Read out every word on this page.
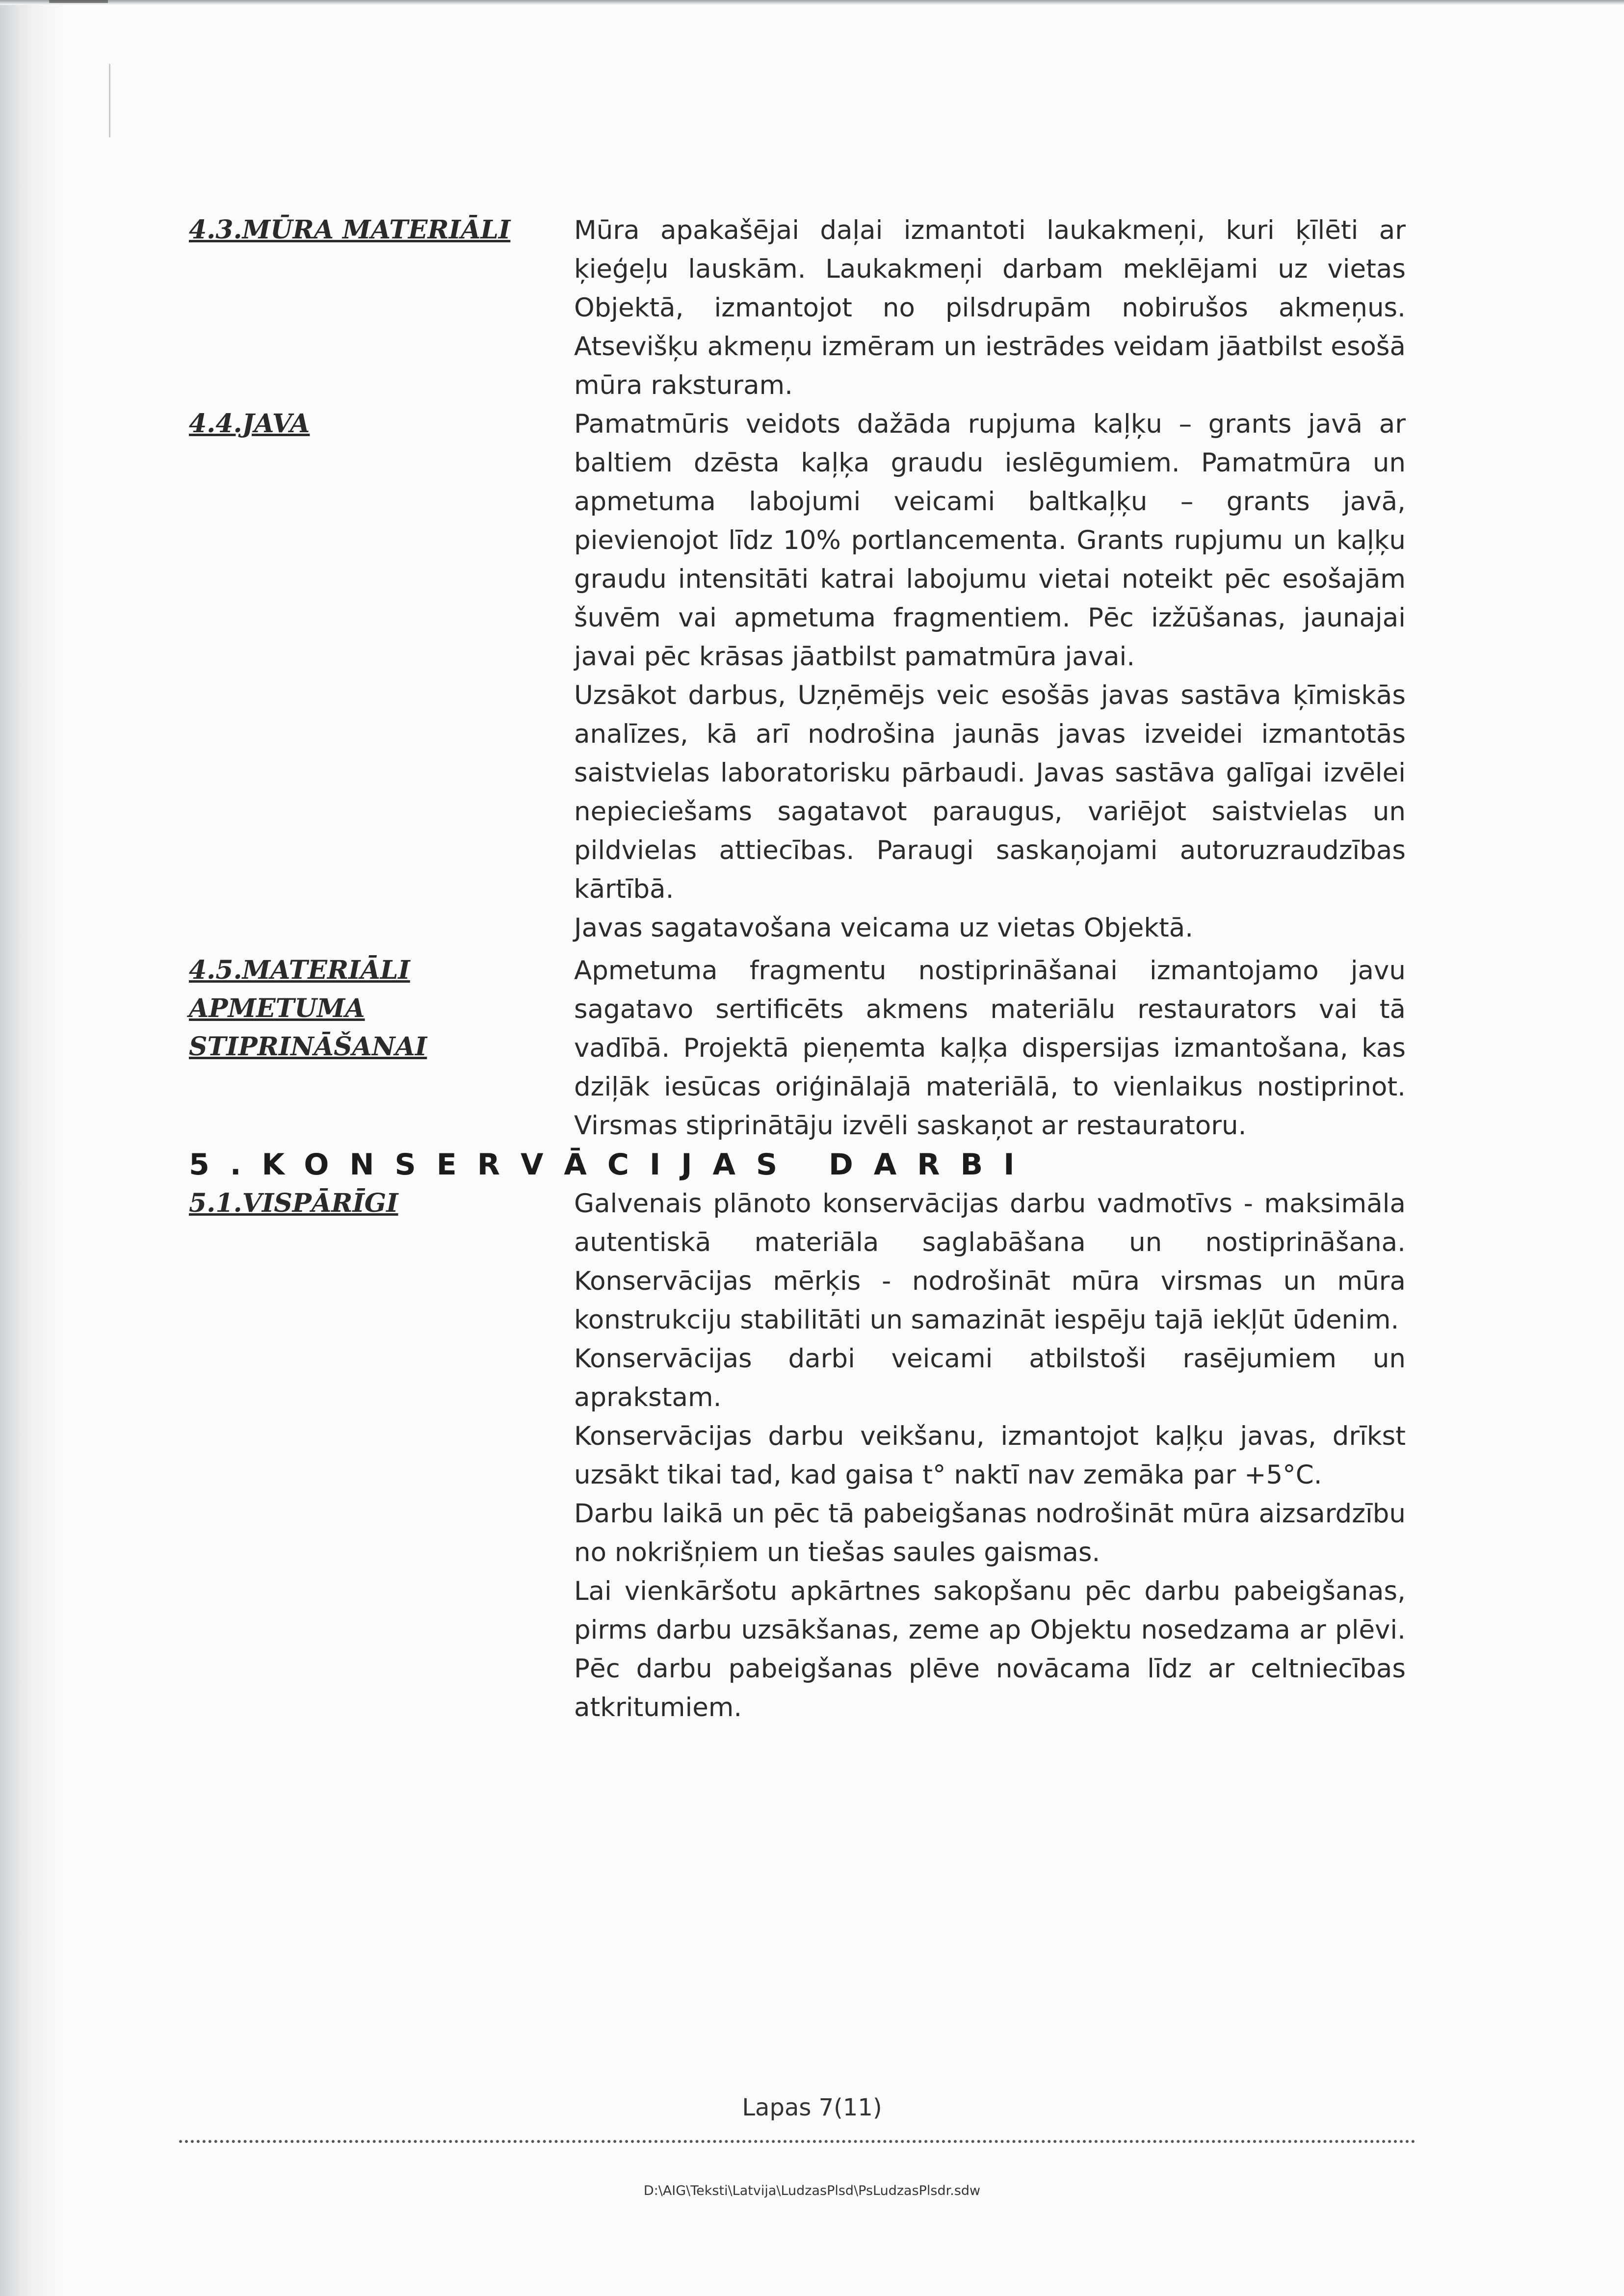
4.3.MŪRA MATERIĀLI	Mūra apakašējai daļai izmantoti laukakmeņi, kuri ķīlēti ar ķieģeļu lauskām. Laukakmeņi darbam meklējami uz vietas Objektā, izmantojot no pilsdrupām nobirušos akmeņus. Atsevišķu akmeņu izmēram un iestrādes veidam jāatbilst esošā mūra raksturam.

4.4.JAVA	Pamatmūris veidots dažāda rupjuma kaļķu – grants javā ar baltiem dzēsta kaļķa graudu ieslēgumiem. Pamatmūra un apmetuma labojumi veicami baltkaļķu – grants javā, pievienojot līdz 10% portlancementa. Grants rupjumu un kaļķu graudu intensitāti katrai labojumu vietai noteikt pēc esošajām šuvēm vai apmetuma fragmentiem. Pēc izžūšanas, jaunajai javai pēc krāsas jāatbilst pamatmūra javai.

Uzsākot darbus, Uzņēmējs veic esošās javas sastāva ķīmiskās analīzes, kā arī nodrošina jaunās javas izveidei izmantotās saistvielas laboratorisku pārbaudi. Javas sastāva galīgai izvēlei nepieciešams sagatavot paraugus, variējot saistvielas un pildvielas attiecības. Paraugi saskaņojami autoruzraudzības kārtībā.

Javas sagatavošana veicama uz vietas Objektā.

4.5.MATERIĀLI
APMETUMA
STIPRINĀŠANAI

Apmetuma fragmentu nostiprināšanai izmantojamo javu sagatavo sertificēts akmens materiālu restaurators vai tā vadībā. Projektā pieņemta kaļķa dispersijas izmantošana, kas dziļāk iesūcas oriģinālajā materiālā, to vienlaikus nostiprinot. Virsmas stiprinātāju izvēli saskaņot ar restauratoru.

5.KONSERVĀCIJAS DARBI
5.1.VISPĀRĪGI	Galvenais plānoto konservācijas darbu vadmotīvs - maksimāla autentiskā materiāla saglabāšana un nostiprināšana. Konservācijas mērķis - nodrošināt mūra virsmas un mūra konstrukciju stabilitāti un samazināt iespēju tajā iekļūt ūdenim.

Konservācijas darbi veicami atbilstoši rasējumiem un aprakstam.

Konservācijas darbu veikšanu, izmantojot kaļķu javas, drīkst uzsākt tikai tad, kad gaisa t° naktī nav zemāka par +5°C.

Darbu laikā un pēc tā pabeigšanas nodrošināt mūra aizsardzību no nokrišņiem un tiešas saules gaismas.

Lai vienkāršotu apkārtnes sakopšanu pēc darbu pabeigšanas, pirms darbu uzsākšanas, zeme ap Objektu nosedzama ar plēvi. Pēc darbu pabeigšanas plēve novācama līdz ar celtniecības atkritumiem.

Lapas 7(11)
D:\AIG\Teksti\Latvija\LudzasPlsd\PsLudzasPlsdr.sdw
